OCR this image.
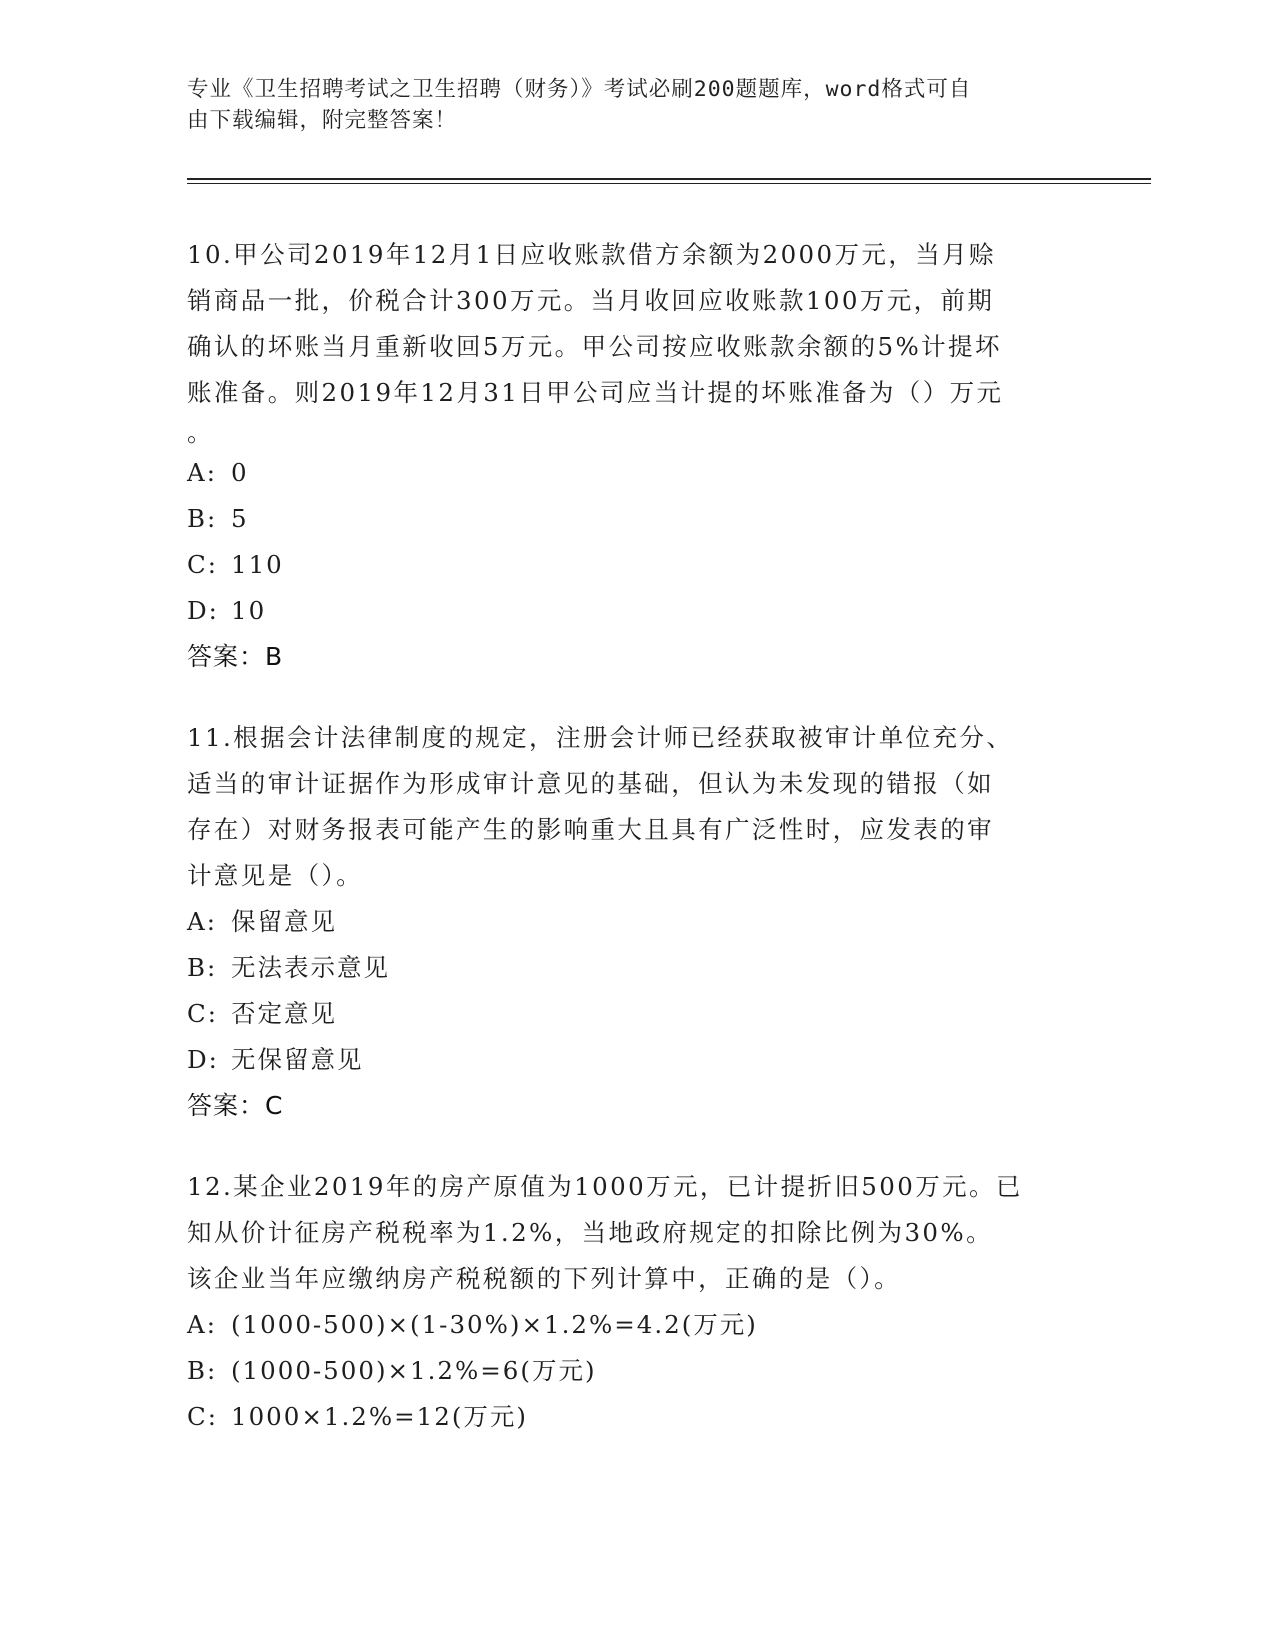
专业《卫生招聘考试之卫生招聘（财务）》考试必刷200题题库，word格式可自
由下载编辑，附完整答案！

10.甲公司2019年12月1日应收账款借方余额为2000万元，当月赊

销商品一批，价税合计300万元。当月收回应收账款100万元，前期

确认的坏账当月重新收回5万元。甲公司按应收账款余额的5%计提坏

账准备。则2019年12月31日甲公司应当计提的坏账准备为（）万元

。

A: 0

B: 5

C: 110

D: 10

答案：B

11.根据会计法律制度的规定，注册会计师已经获取被审计单位充分、

适当的审计证据作为形成审计意见的基础，但认为未发现的错报（如

存在）对财务报表可能产生的影响重大且具有广泛性时，应发表的审

计意见是（）。

A: 保留意见

B: 无法表示意见

C: 否定意见

D: 无保留意见

答案：C

12.某企业2019年的房产原值为1000万元，已计提折旧500万元。已

知从价计征房产税税率为1.2%，当地政府规定的扣除比例为30%。

该企业当年应缴纳房产税税额的下列计算中，正确的是（）。

A: (1000-500)×(1-30%)×1.2%=4.2(万元)

B: (1000-500)×1.2%=6(万元)

C: 1000×1.2%=12(万元)
